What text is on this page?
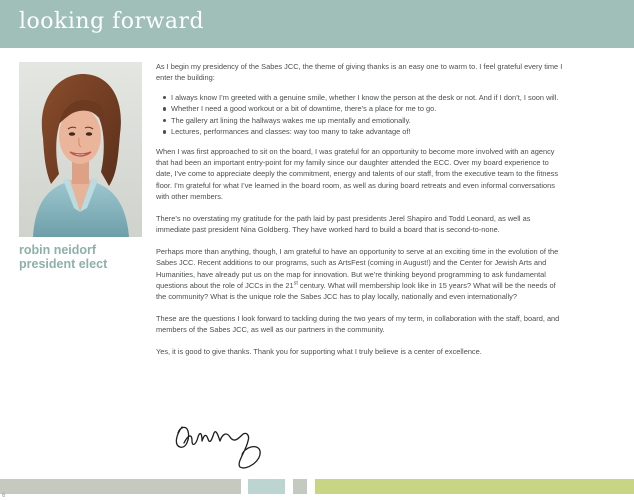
looking forward
robin neidorf
president elect

As I begin my presidency of the Sabes JCC, the theme of giving thanks is an easy one to warm to. I feel grateful every time I enter the building:

I always know I’m greeted with a genuine smile, whether I know the person at the desk or not. And if I don’t, I soon will.
Whether I need a good workout or a bit of downtime, there’s a place for me to go.
The gallery art lining the hallways wakes me up mentally and emotionally.
Lectures, performances and classes: way too many to take advantage of!

When I was first approached to sit on the board, I was grateful for an opportunity to become more involved with an agency that had been an important entry-point for my family since our daughter attended the ECC. Over my board experience to date, I’ve come to appreciate deeply the commitment, energy and talents of our staff, from the executive team to the fitness floor. I’m grateful for what I’ve learned in the board room, as well as during board retreats and even informal conversations with other members.

There’s no overstating my gratitude for the path laid by past presidents Jerel Shapiro and Todd Leonard, as well as immediate past president Nina Goldberg. They have worked hard to build a board that is second-to-none.

Perhaps more than anything, though, I am grateful to have an opportunity to serve at an exciting time in the evolution of the Sabes JCC. Recent additions to our programs, such as ArtsFest (coming in August!) and the Center for Jewish Arts and Humanities, have already put us on the map for innovation. But we’re thinking beyond programming to ask fundamental questions about the role of JCCs in the 21st century. What will membership look like in 15 years? What will be the needs of the community? What is the unique role the Sabes JCC has to play locally, nationally and even internationally?

These are the questions I look forward to tackling during the two years of my term, in collaboration with the staff, board, and members of the Sabes JCC, as well as our partners in the community.

Yes, it is good to give thanks. Thank you for supporting what I truly believe is a center of excellence.

6
